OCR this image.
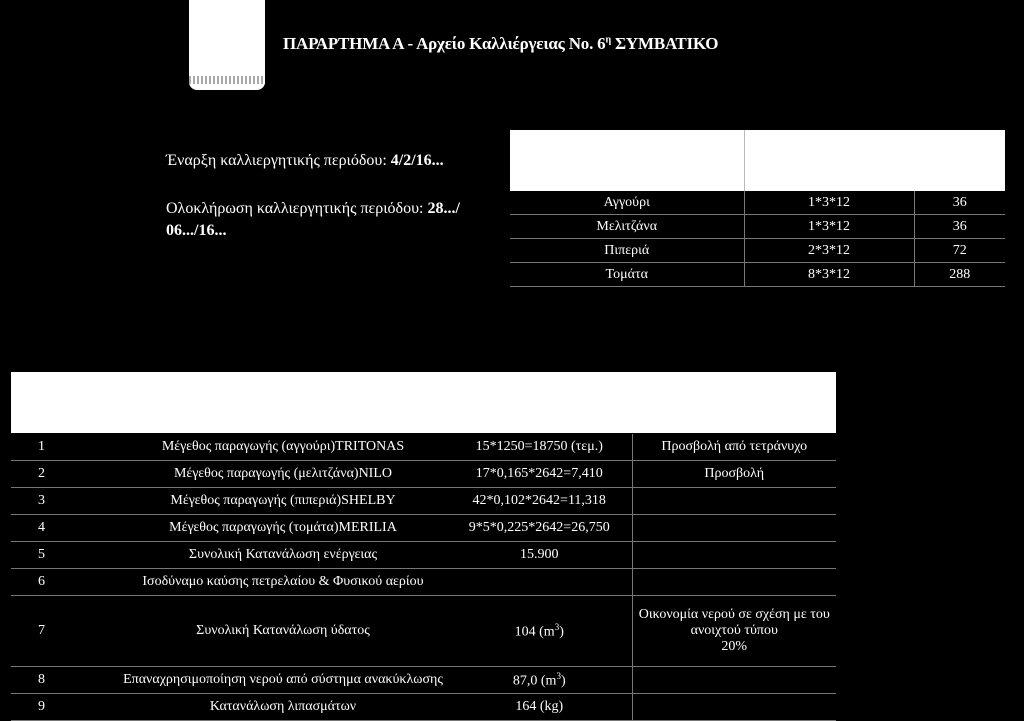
ΠΑΡΑΡΤΗΜΑ Α - Αρχείο Καλλιέργειας No. $6^\eta$ ΣΥΜΒΑΤΙΚΟ
Έναρξη καλλιεργητικής περιόδου: 4/2/16...
Ολοκλήρωση καλλιεργητικής περιόδου: 28.../
06.../16...

Αγγούρι	1*3*12	36
Μελιτζάνα	1*3*12	36
Πιπεριά	2*3*12	72
Τομάτα	8*3*12	288
1	Μέγεθος παραγωγής (αγγούρι)TRITONAS	15*1250=18750 (τεμ.)	Προσβολή από τετράνυχο
2	Μέγεθος παραγωγής (μελιτζάνα)NILO	17*0,165*2642=7,410	Προσβολή
3	Μέγεθος παραγωγής (πιπεριά)SHELBY	42*0,102*2642=11,318	
4	Μέγεθος παραγωγής (τομάτα)MERILIA	9*5*0,225*2642=26,750	
5	Συνολική Κατανάλωση ενέργειας	15.900	
6	Ισοδύναμο καύσης πετρελαίου & Φυσικού αερίου		
7	Συνολική Κατανάλωση ύδατος	104 $(m^3)$	Οικονομία νερού σε σχέση με του
ανοιχτού τύπου
20%

8	Επαναχρησιμοποίηση νερού από σύστημα ανακύκλωσης	87,0 $(m^3)$	
9	Κατανάλωση λιπασμάτων	164 (kg)	
